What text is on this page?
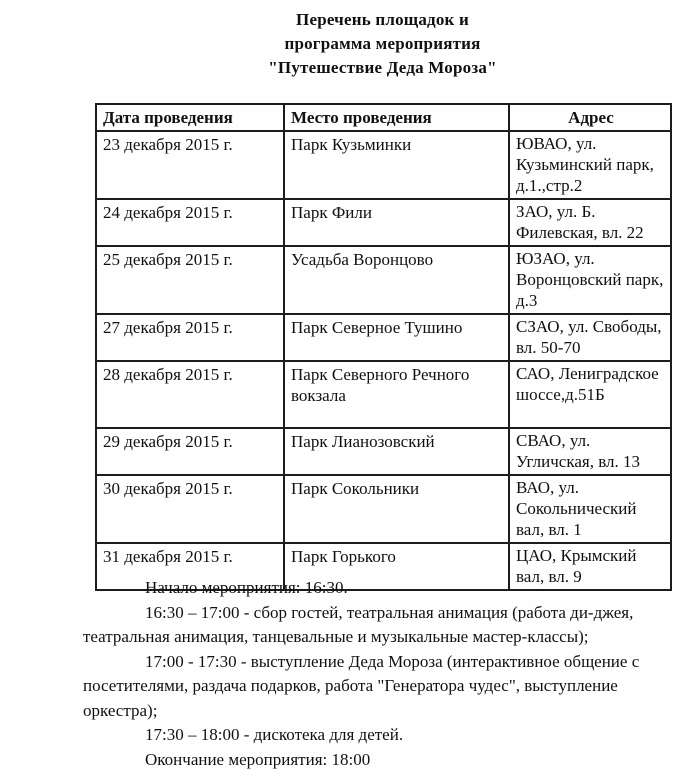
Перечень площадок и
программа мероприятия
"Путешествие Деда Мороза"
Дата проведения	Место проведения	Адрес
23 декабря 2015 г.	Парк Кузьминки	ЮВАО, ул. Кузьминский парк, д.1.,стр.2
24 декабря 2015 г.	Парк Фили	ЗАО, ул. Б. Филевская, вл. 22
25 декабря 2015 г.	Усадьба Воронцово	ЮЗАО, ул. Воронцовский парк, д.3
27 декабря 2015 г.	Парк Северное Тушино	СЗАО, ул. Свободы, вл. 50-70
28 декабря 2015 г.	Парк Северного Речного вокзала	САО, Лениградское шоссе,д.51Б
29 декабря 2015 г.	Парк Лианозовский	СВАО, ул. Угличская, вл. 13
30 декабря 2015 г.	Парк Сокольники	ВАО, ул. Сокольнический вал, вл. 1
31 декабря 2015 г.	Парк Горького	ЦАО, Крымский вал, вл. 9

Начало мероприятия: 16:30.

16:30 – 17:00 - сбор гостей, театральная анимация (работа ди-джея, театральная анимация, танцевальные и музыкальные мастер-классы);

17:00 - 17:30 - выступление Деда Мороза (интерактивное общение с посетителями, раздача подарков, работа "Генератора чудес", выступление оркестра);

17:30 – 18:00 - дискотека для детей.

Окончание мероприятия: 18:00
